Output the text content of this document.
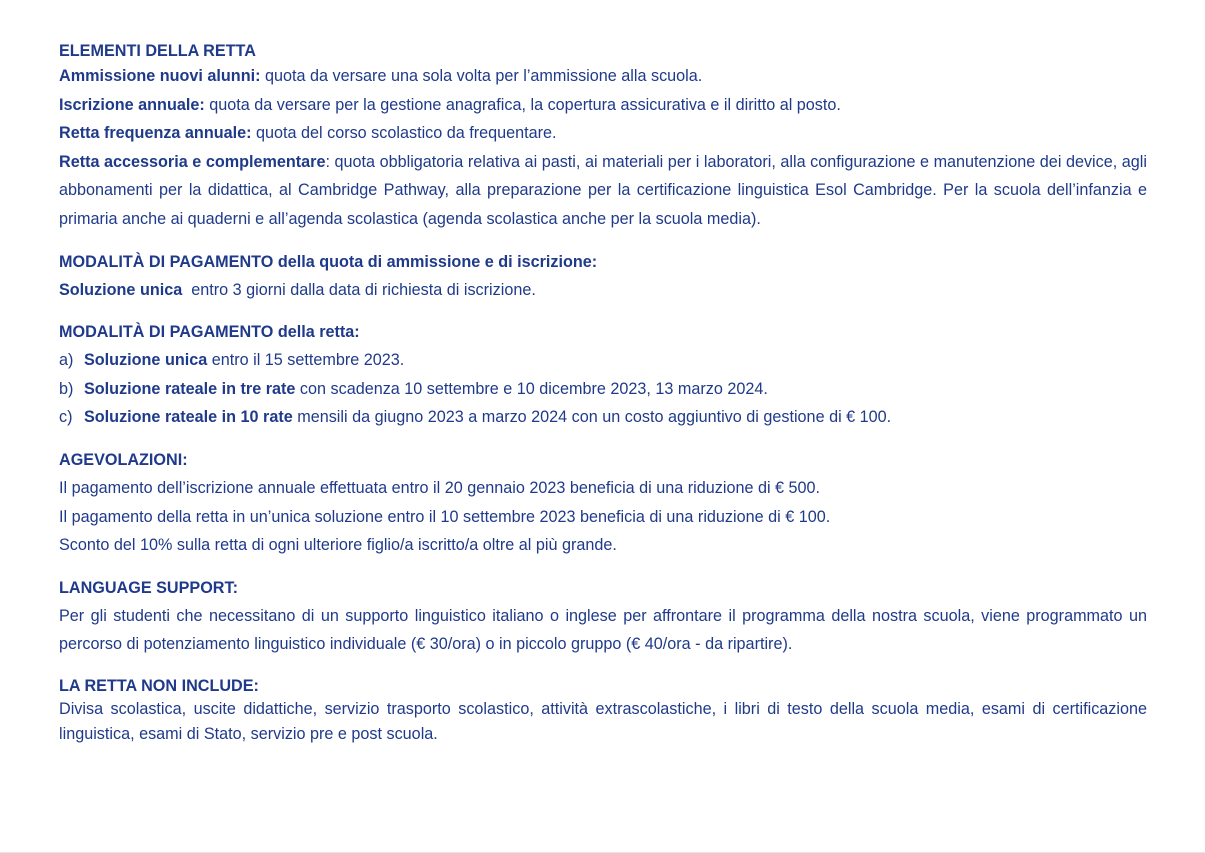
ELEMENTI DELLA RETTA

Ammissione nuovi alunni: quota da versare una sola volta per l’ammissione alla scuola.

Iscrizione annuale: quota da versare per la gestione anagrafica, la copertura assicurativa e il diritto al posto.

Retta frequenza annuale: quota del corso scolastico da frequentare.

Retta accessoria e complementare: quota obbligatoria relativa ai pasti, ai materiali per i laboratori, alla configurazione e manutenzione dei device, agli abbonamenti per la didattica, al Cambridge Pathway, alla preparazione per la certificazione linguistica Esol Cambridge. Per la scuola dell’infanzia e primaria anche ai quaderni e all’agenda scolastica (agenda scolastica anche per la scuola media).

MODALITÀ DI PAGAMENTO della quota di ammissione e di iscrizione:

Soluzione unica  entro 3 giorni dalla data di richiesta di iscrizione.

MODALITÀ DI PAGAMENTO della retta:
a) Soluzione unica entro il 15 settembre 2023.
b) Soluzione rateale in tre rate con scadenza 10 settembre e 10 dicembre 2023, 13 marzo 2024.
c) Soluzione rateale in 10 rate mensili da giugno 2023 a marzo 2024 con un costo aggiuntivo di gestione di € 100.
AGEVOLAZIONI:

Il pagamento dell’iscrizione annuale effettuata entro il 20 gennaio 2023 beneficia di una riduzione di € 500.

Il pagamento della retta in un’unica soluzione entro il 10 settembre 2023 beneficia di una riduzione di € 100.

Sconto del 10% sulla retta di ogni ulteriore figlio/a iscritto/a oltre al più grande.

LANGUAGE SUPPORT:

Per gli studenti che necessitano di un supporto linguistico italiano o inglese per affrontare il programma della nostra scuola, viene programmato un percorso di potenziamento linguistico individuale (€ 30/ora) o in piccolo gruppo (€ 40/ora - da ripartire).

LA RETTA NON INCLUDE:

Divisa scolastica, uscite didattiche, servizio trasporto scolastico, attività extrascolastiche, i libri di testo della scuola media, esami di certificazione linguistica, esami di Stato, servizio pre e post scuola.
